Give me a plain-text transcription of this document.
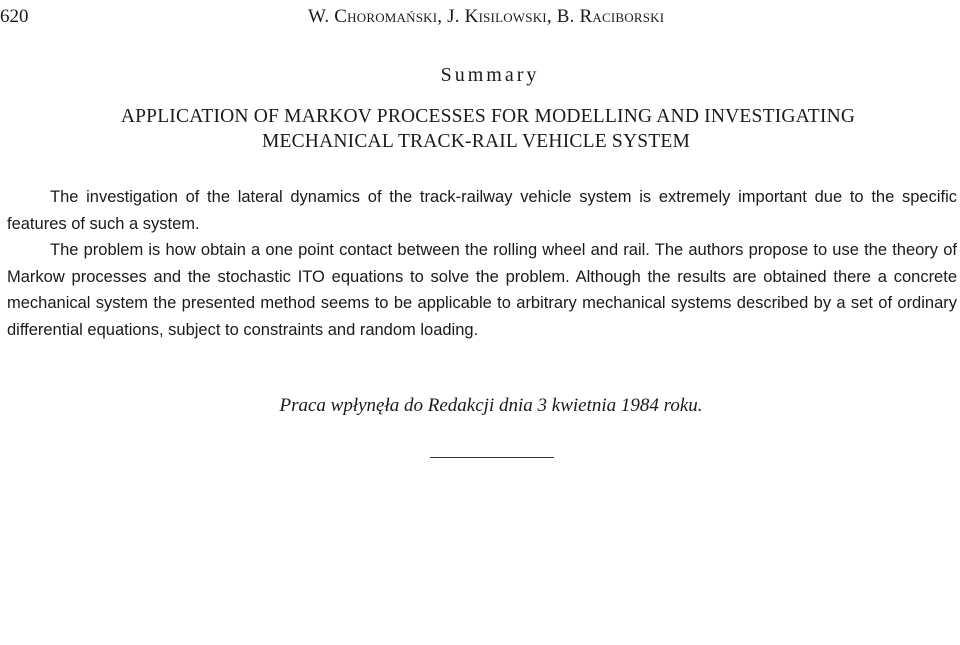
620	W. Choromański, J. Kisilowski, B. Raciborski
Summary
APPLICATION OF MARKOV PROCESSES FOR MODELLING AND INVESTIGATING
MECHANICAL TRACK-RAIL VEHICLE SYSTEM

The investigation of the lateral dynamics of the track-railway vehicle system is extremely important due to the specific features of such a system.

The problem is how obtain a one point contact between the rolling wheel and rail. The authors propose to use the theory of Markow processes and the stochastic ITO equations to solve the problem. Although the results are obtained there a concrete mechanical system the presented method seems to be applicable to arbitrary mechanical systems described by a set of ordinary differential equations, subject to constraints and random loading.

Praca wpłynęła do Redakcji dnia 3 kwietnia 1984 roku.
